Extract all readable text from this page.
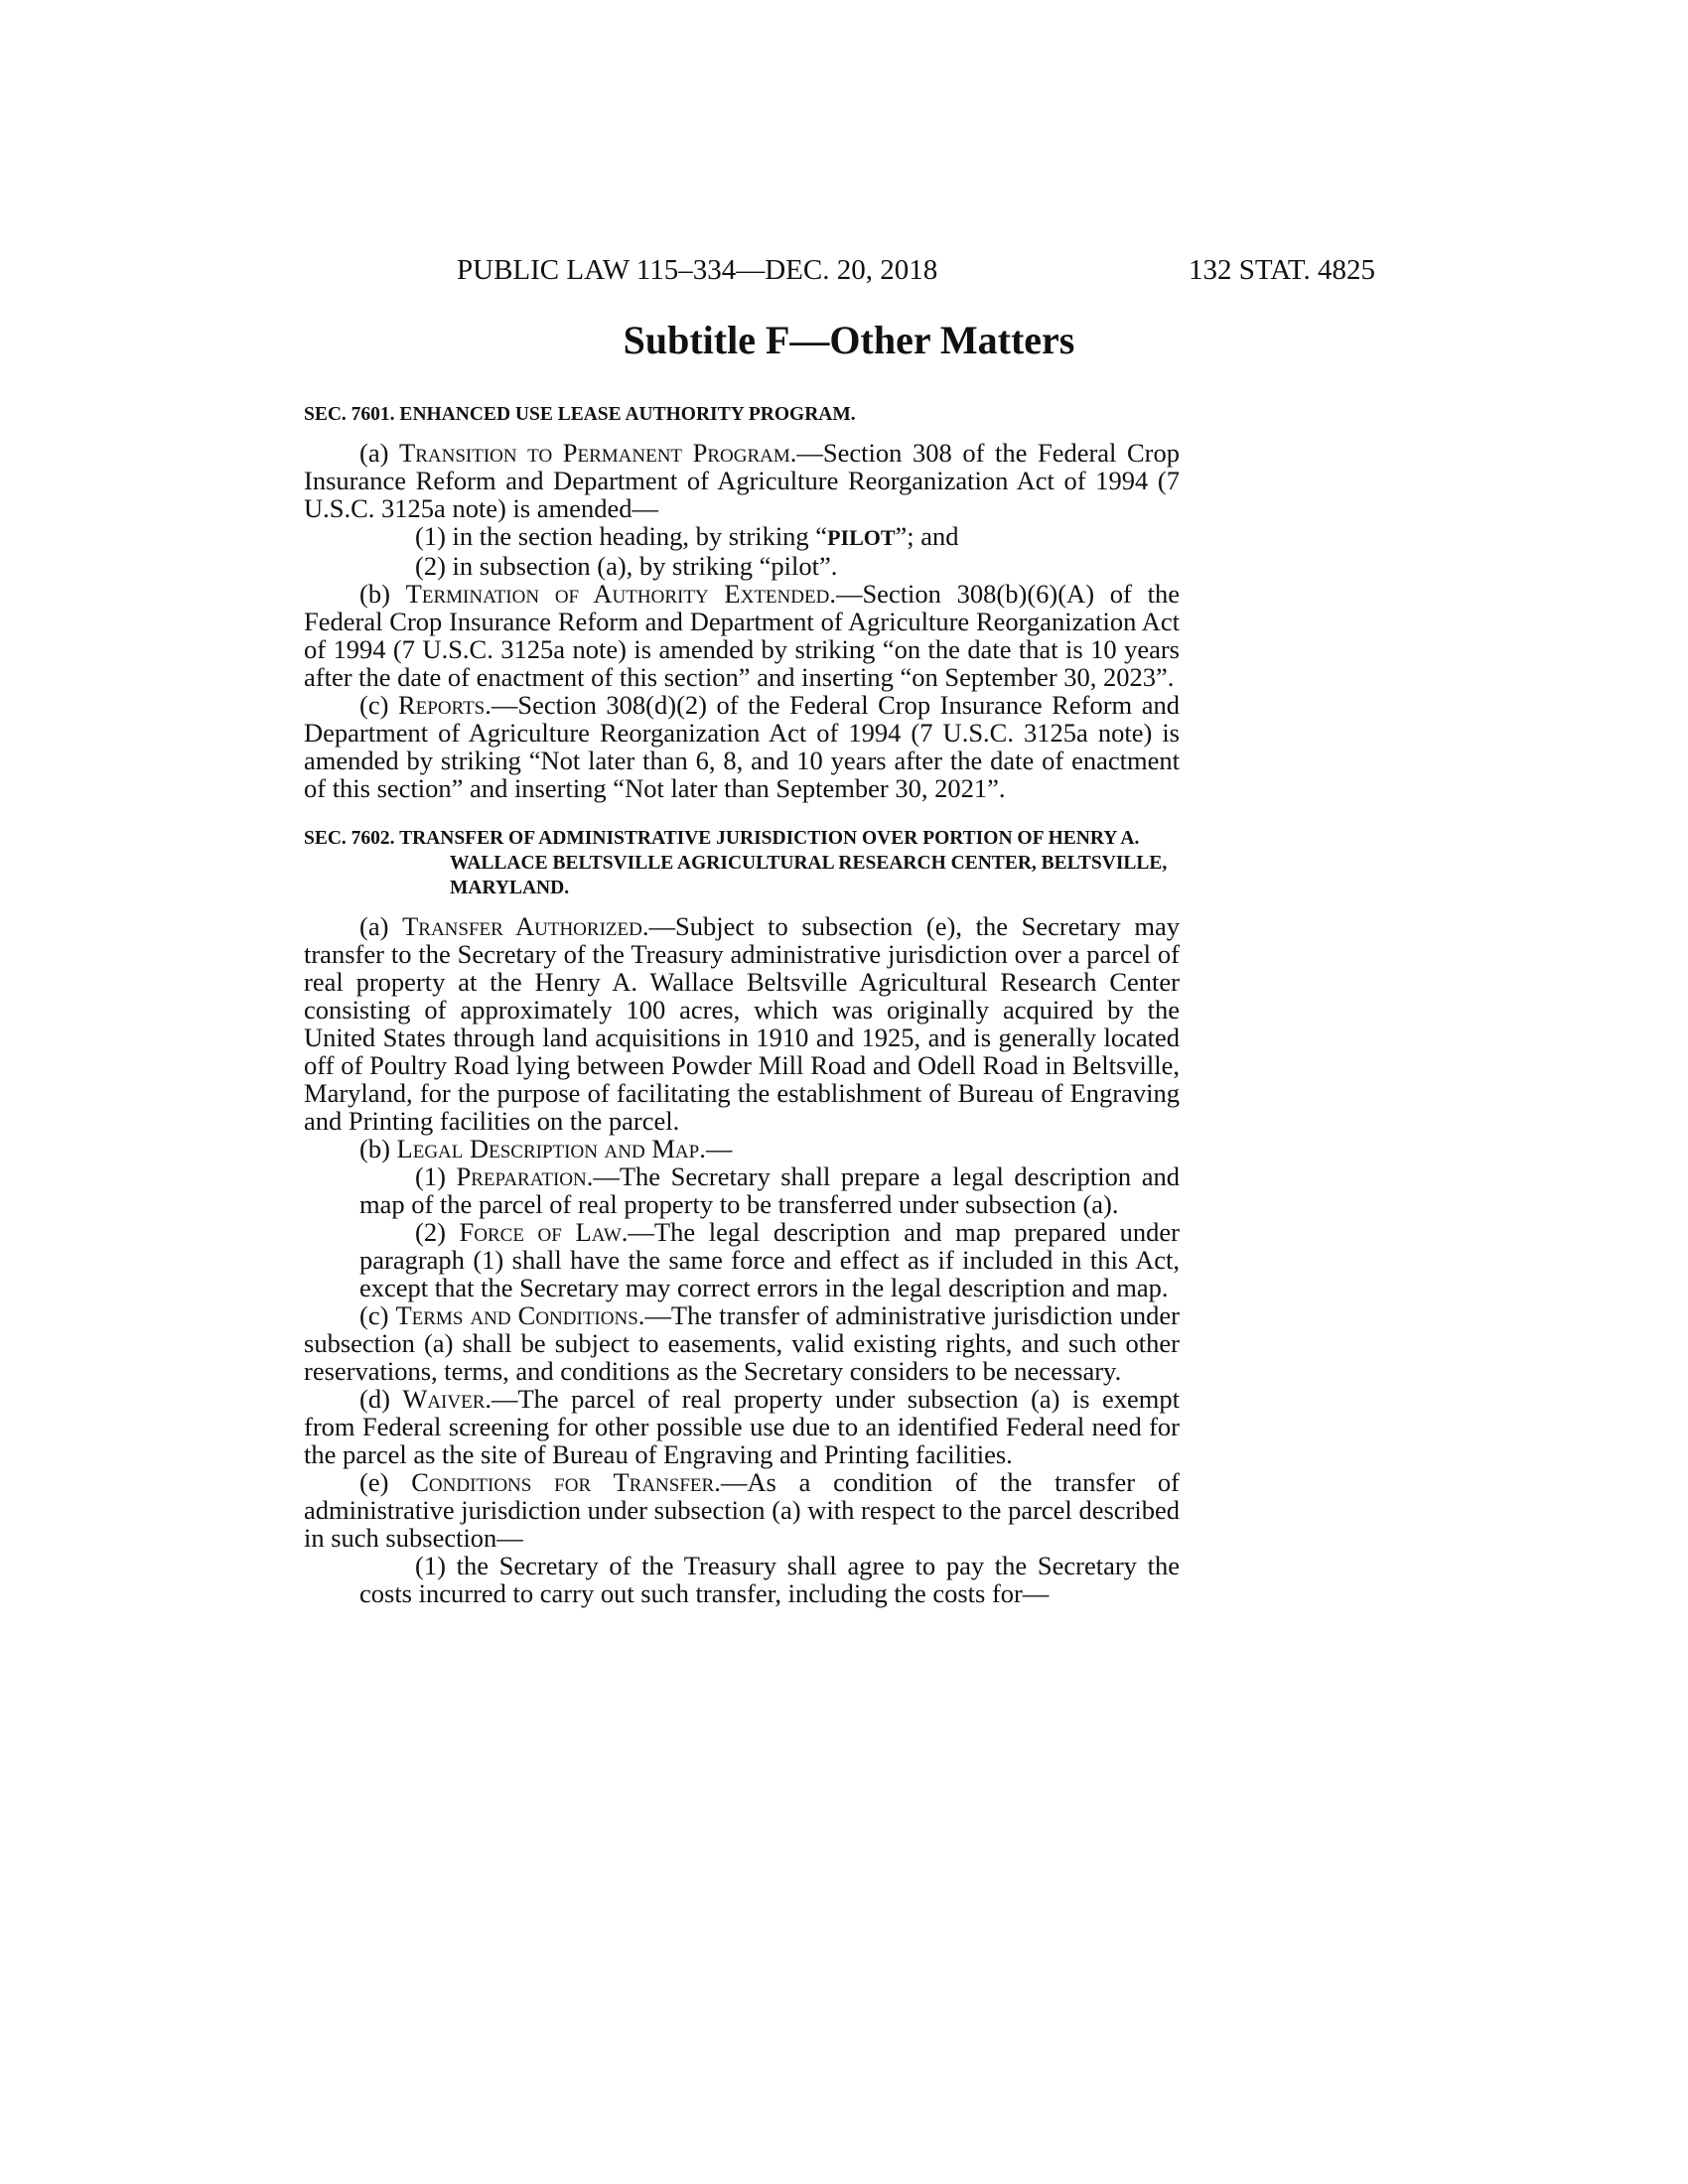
PUBLIC LAW 115–334—DEC. 20, 2018	132 STAT. 4825
Subtitle F—Other Matters
SEC. 7601. ENHANCED USE LEASE AUTHORITY PROGRAM.

(a) Transition to Permanent Program.—Section 308 of the Federal Crop Insurance Reform and Department of Agriculture Reorganization Act of 1994 (7 U.S.C. 3125a note) is amended—

(1) in the section heading, by striking “PILOT”; and

(2) in subsection (a), by striking “pilot”.

(b) Termination of Authority Extended.—Section 308(b)(6)(A) of the Federal Crop Insurance Reform and Department of Agriculture Reorganization Act of 1994 (7 U.S.C. 3125a note) is amended by striking “on the date that is 10 years after the date of enactment of this section” and inserting “on September 30, 2023”.

(c) Reports.—Section 308(d)(2) of the Federal Crop Insurance Reform and Department of Agriculture Reorganization Act of 1994 (7 U.S.C. 3125a note) is amended by striking “Not later than 6, 8, and 10 years after the date of enactment of this section” and inserting “Not later than September 30, 2021”.

SEC. 7602. TRANSFER OF ADMINISTRATIVE JURISDICTION OVER PORTION OF HENRY A. WALLACE BELTSVILLE AGRICULTURAL RESEARCH CENTER, BELTSVILLE, MARYLAND.

(a) Transfer Authorized.—Subject to subsection (e), the Secretary may transfer to the Secretary of the Treasury administrative jurisdiction over a parcel of real property at the Henry A. Wallace Beltsville Agricultural Research Center consisting of approximately 100 acres, which was originally acquired by the United States through land acquisitions in 1910 and 1925, and is generally located off of Poultry Road lying between Powder Mill Road and Odell Road in Beltsville, Maryland, for the purpose of facilitating the establishment of Bureau of Engraving and Printing facilities on the parcel.

(b) Legal Description and Map.—

(1) Preparation.—The Secretary shall prepare a legal description and map of the parcel of real property to be transferred under subsection (a).

(2) Force of Law.—The legal description and map prepared under paragraph (1) shall have the same force and effect as if included in this Act, except that the Secretary may correct errors in the legal description and map.

(c) Terms and Conditions.—The transfer of administrative jurisdiction under subsection (a) shall be subject to easements, valid existing rights, and such other reservations, terms, and conditions as the Secretary considers to be necessary.

(d) Waiver.—The parcel of real property under subsection (a) is exempt from Federal screening for other possible use due to an identified Federal need for the parcel as the site of Bureau of Engraving and Printing facilities.

(e) Conditions for Transfer.—As a condition of the transfer of administrative jurisdiction under subsection (a) with respect to the parcel described in such subsection—

(1) the Secretary of the Treasury shall agree to pay the Secretary the costs incurred to carry out such transfer, including the costs for—
